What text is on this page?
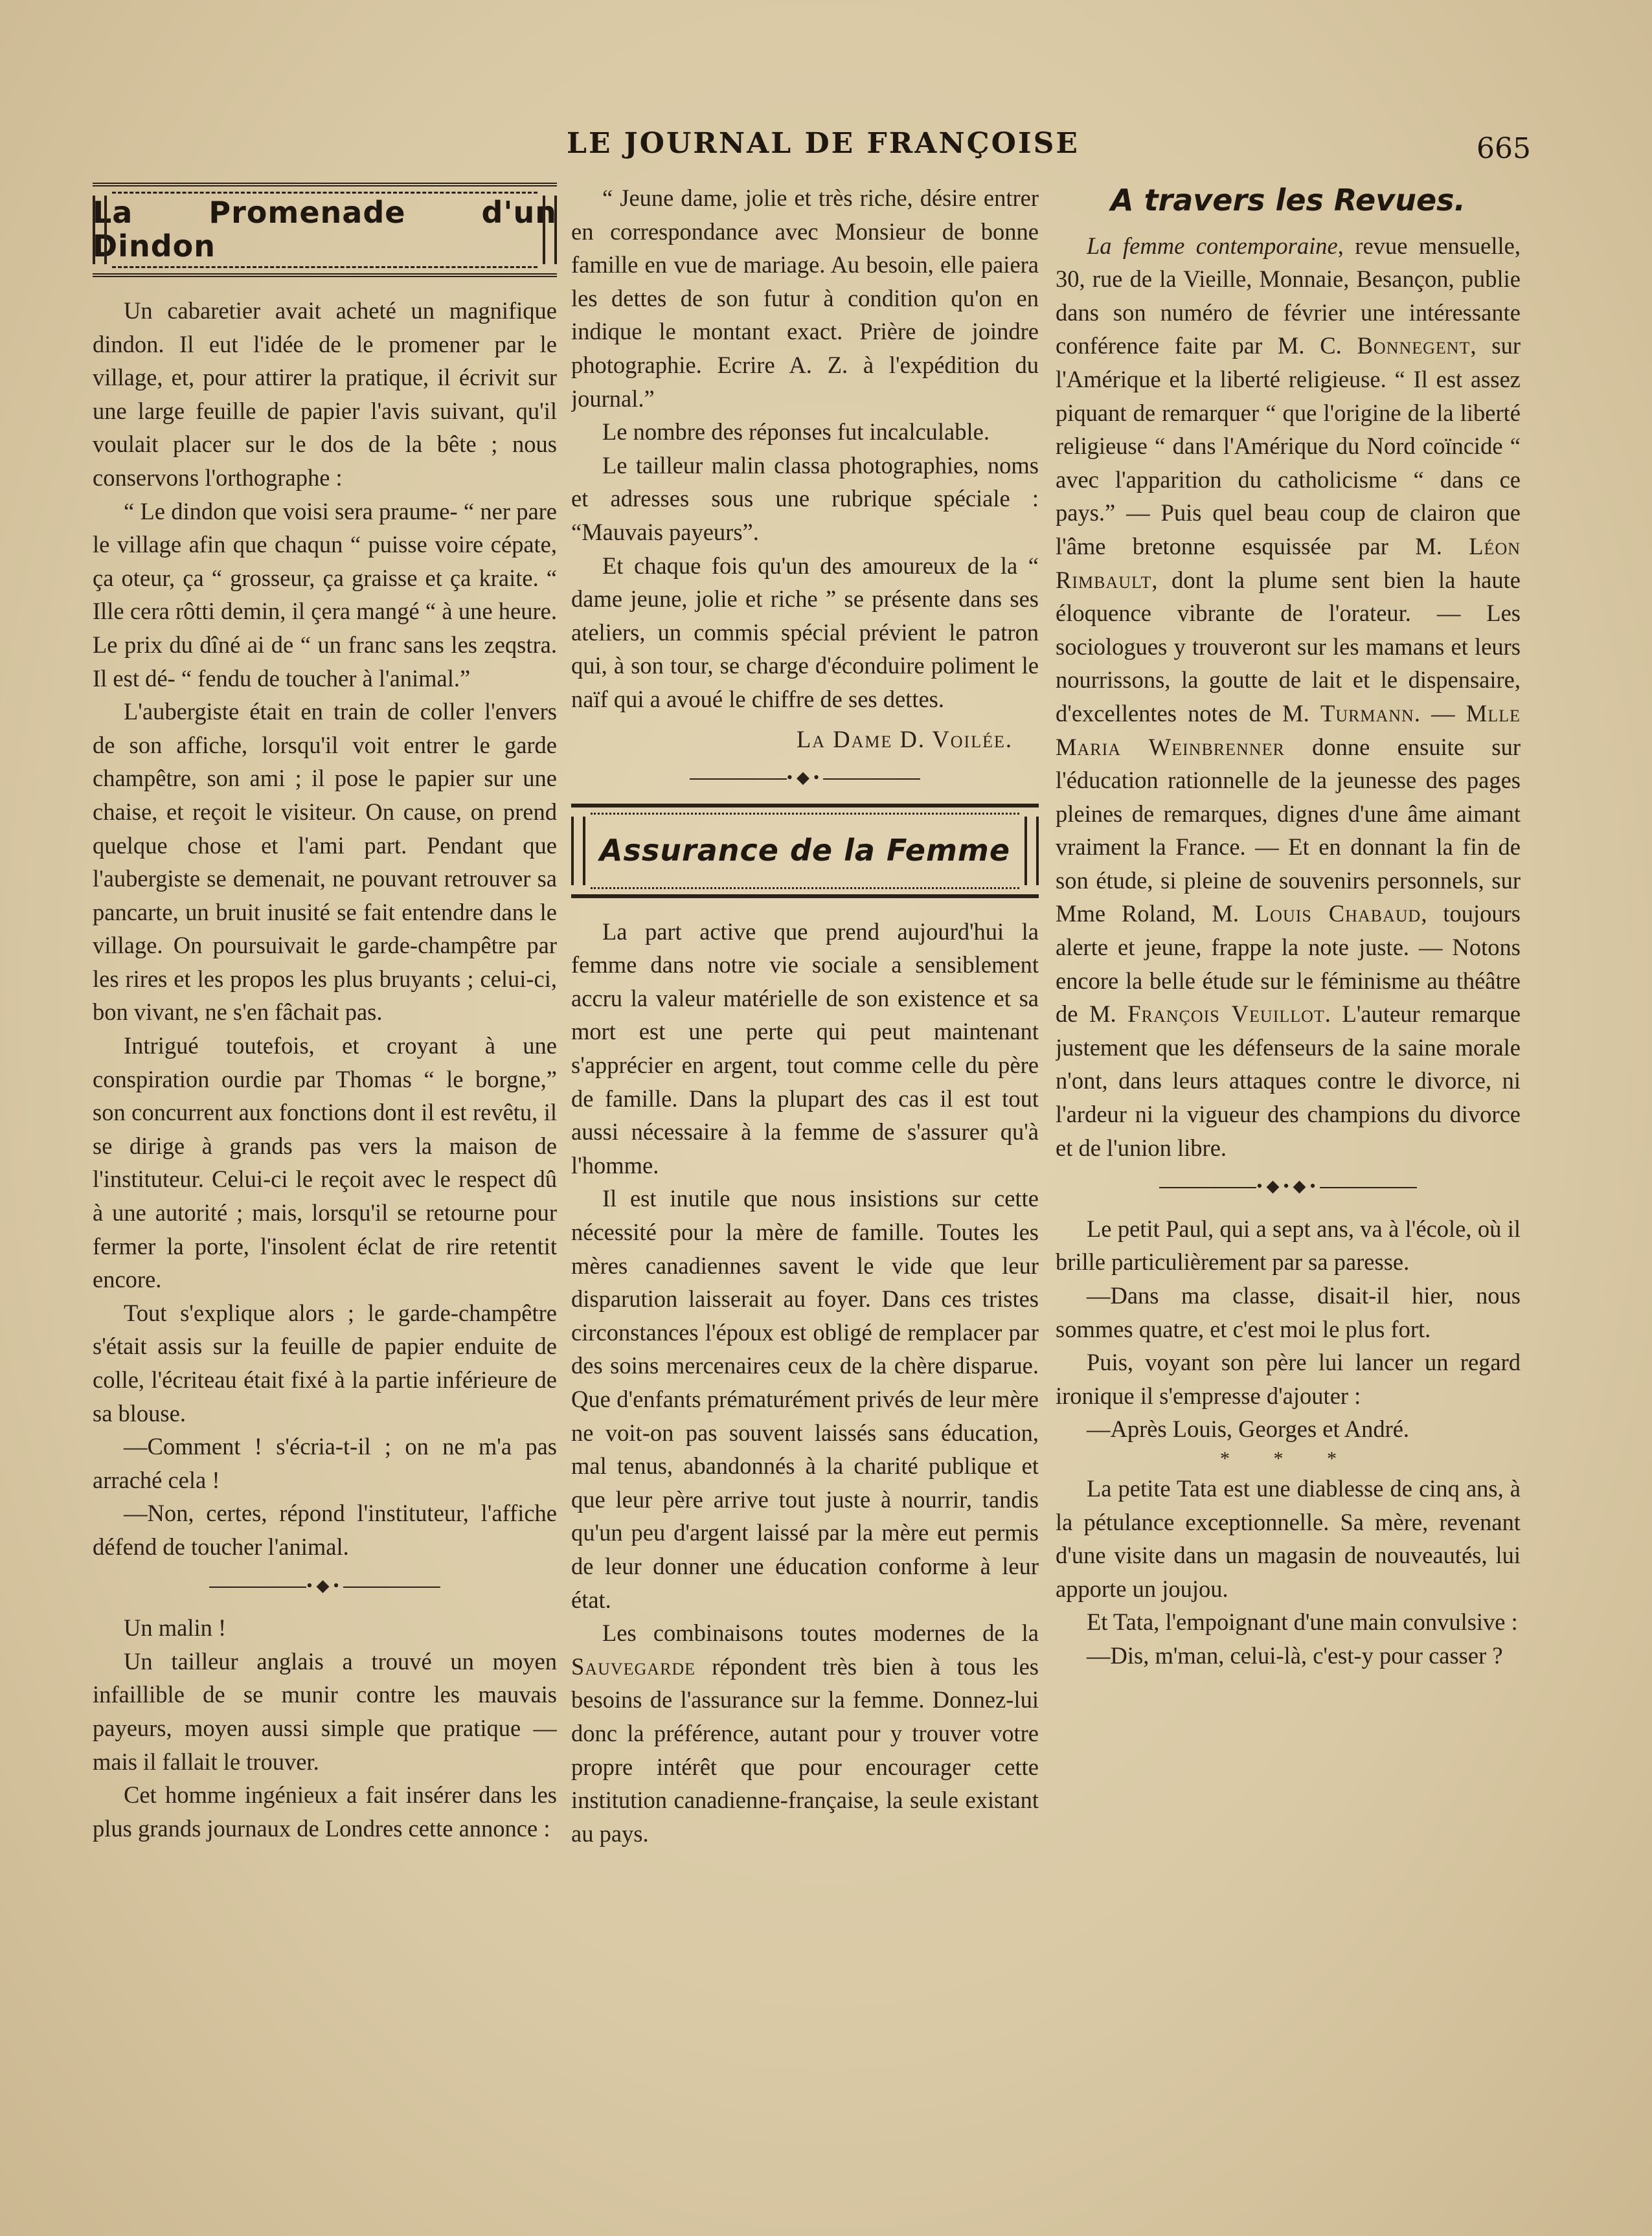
LE JOURNAL DE FRANÇOISE	665
La Promenade d'un Dindon

Un cabaretier avait acheté un magnifique dindon. Il eut l'idée de le promener par le village, et, pour attirer la pratique, il écrivit sur une large feuille de papier l'avis suivant, qu'il voulait placer sur le dos de la bête ; nous conservons l'orthographe :

“ Le dindon que voisi sera praume- “ ner pare le village afin que chaqun “ puisse voire cépate, ça oteur, ça “ grosseur, ça graisse et ça kraite. “ Ille cera rôtti demin, il çera mangé “ à une heure. Le prix du dîné ai de “ un franc sans les zeqstra. Il est dé- “ fendu de toucher à l'animal.”

L'aubergiste était en train de coller l'envers de son affiche, lorsqu'il voit entrer le garde champêtre, son ami ; il pose le papier sur une chaise, et reçoit le visiteur. On cause, on prend quelque chose et l'ami part. Pendant que l'aubergiste se demenait, ne pouvant retrouver sa pancarte, un bruit inusité se fait entendre dans le village. On poursuivait le garde-champêtre par les rires et les propos les plus bruyants ; celui-ci, bon vivant, ne s'en fâchait pas.

Intrigué toutefois, et croyant à une conspiration ourdie par Thomas “ le borgne,” son concurrent aux fonctions dont il est revêtu, il se dirige à grands pas vers la maison de l'instituteur. Celui-ci le reçoit avec le respect dû à une autorité ; mais, lorsqu'il se retourne pour fermer la porte, l'insolent éclat de rire retentit encore.

Tout s'explique alors ; le garde-champêtre s'était assis sur la feuille de papier enduite de colle, l'écriteau était fixé à la partie inférieure de sa blouse.

—Comment ! s'écria-t-il ; on ne m'a pas arraché cela !

—Non, certes, répond l'instituteur, l'affiche défend de toucher l'animal.

•◆•

Un malin !

Un tailleur anglais a trouvé un moyen infaillible de se munir contre les mauvais payeurs, moyen aussi simple que pratique — mais il fallait le trouver.

Cet homme ingénieux a fait insérer dans les plus grands journaux de Londres cette annonce :

“ Jeune dame, jolie et très riche, désire entrer en correspondance avec Monsieur de bonne famille en vue de mariage. Au besoin, elle paiera les dettes de son futur à condition qu'on en indique le montant exact. Prière de joindre photographie. Ecrire A. Z. à l'expédition du journal.”

Le nombre des réponses fut incalculable.

Le tailleur malin classa photographies, noms et adresses sous une rubrique spéciale : “Mauvais payeurs”.

Et chaque fois qu'un des amoureux de la “ dame jeune, jolie et riche ” se présente dans ses ateliers, un commis spécial prévient le patron qui, à son tour, se charge d'éconduire poliment le naïf qui a avoué le chiffre de ses dettes.

La Dame D. Voilée.
•◆•
Assurance de la Femme

La part active que prend aujourd'hui la femme dans notre vie sociale a sensiblement accru la valeur matérielle de son existence et sa mort est une perte qui peut maintenant s'apprécier en argent, tout comme celle du père de famille. Dans la plupart des cas il est tout aussi nécessaire à la femme de s'assurer qu'à l'homme.

Il est inutile que nous insistions sur cette nécessité pour la mère de famille. Toutes les mères canadiennes savent le vide que leur disparution laisserait au foyer. Dans ces tristes circonstances l'époux est obligé de remplacer par des soins mercenaires ceux de la chère disparue. Que d'enfants prématurément privés de leur mère ne voit-on pas souvent laissés sans éducation, mal tenus, abandonnés à la charité publique et que leur père arrive tout juste à nourrir, tandis qu'un peu d'argent laissé par la mère eut permis de leur donner une éducation conforme à leur état.

Les combinaisons toutes modernes de la Sauvegarde répondent très bien à tous les besoins de l'assurance sur la femme. Donnez-lui donc la préférence, autant pour y trouver votre propre intérêt que pour encourager cette institution canadienne-française, la seule existant au pays.

A travers les Revues.

La femme contemporaine, revue mensuelle, 30, rue de la Vieille, Monnaie, Besançon, publie dans son numéro de février une intéressante conférence faite par M. C. Bonnegent, sur l'Amérique et la liberté religieuse. “ Il est assez piquant de remarquer “ que l'origine de la liberté religieuse “ dans l'Amérique du Nord coïncide “ avec l'apparition du catholicisme “ dans ce pays.” — Puis quel beau coup de clairon que l'âme bretonne esquissée par M. Léon Rimbault, dont la plume sent bien la haute éloquence vibrante de l'orateur. — Les sociologues y trouveront sur les mamans et leurs nourrissons, la goutte de lait et le dispensaire, d'excellentes notes de M. Turmann. — Mlle Maria Weinbrenner donne ensuite sur l'éducation rationnelle de la jeunesse des pages pleines de remarques, dignes d'une âme aimant vraiment la France. — Et en donnant la fin de son étude, si pleine de souvenirs personnels, sur Mme Roland, M. Louis Chabaud, toujours alerte et jeune, frappe la note juste. — Notons encore la belle étude sur le féminisme au théâtre de M. François Veuillot. L'auteur remarque justement que les défenseurs de la saine morale n'ont, dans leurs attaques contre le divorce, ni l'ardeur ni la vigueur des champions du divorce et de l'union libre.

•◆•◆•

Le petit Paul, qui a sept ans, va à l'école, où il brille particulièrement par sa paresse.

—Dans ma classe, disait-il hier, nous sommes quatre, et c'est moi le plus fort.

Puis, voyant son père lui lancer un regard ironique il s'empresse d'ajouter :

—Après Louis, Georges et André.

* * *

La petite Tata est une diablesse de cinq ans, à la pétulance exceptionnelle. Sa mère, revenant d'une visite dans un magasin de nouveautés, lui apporte un joujou.

Et Tata, l'empoignant d'une main convulsive :

—Dis, m'man, celui-là, c'est-y pour casser ?
